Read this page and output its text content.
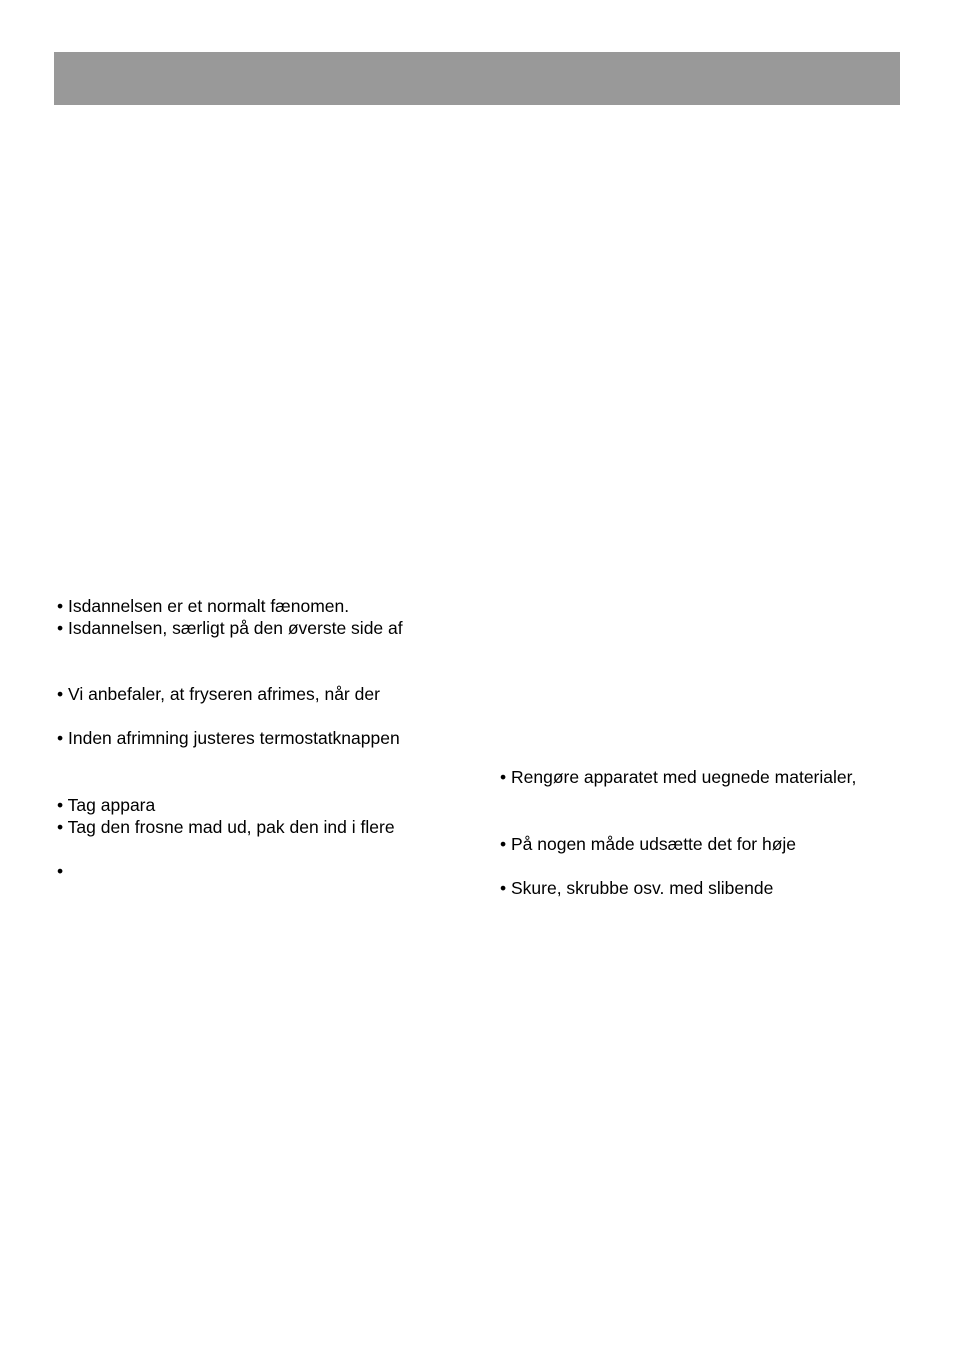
• Isdannelsen er et normalt fænomen.
• Isdannelsen, særligt på den øverste side af
• Vi anbefaler, at fryseren afrimes, når der
• Inden afrimning justeres termostatknappen
• Tag appara
• Tag den frosne mad ud, pak den ind i flere
•
• Rengøre apparatet med uegnede materialer,
• På nogen måde udsætte det for høje
• Skure, skrubbe osv. med slibende
